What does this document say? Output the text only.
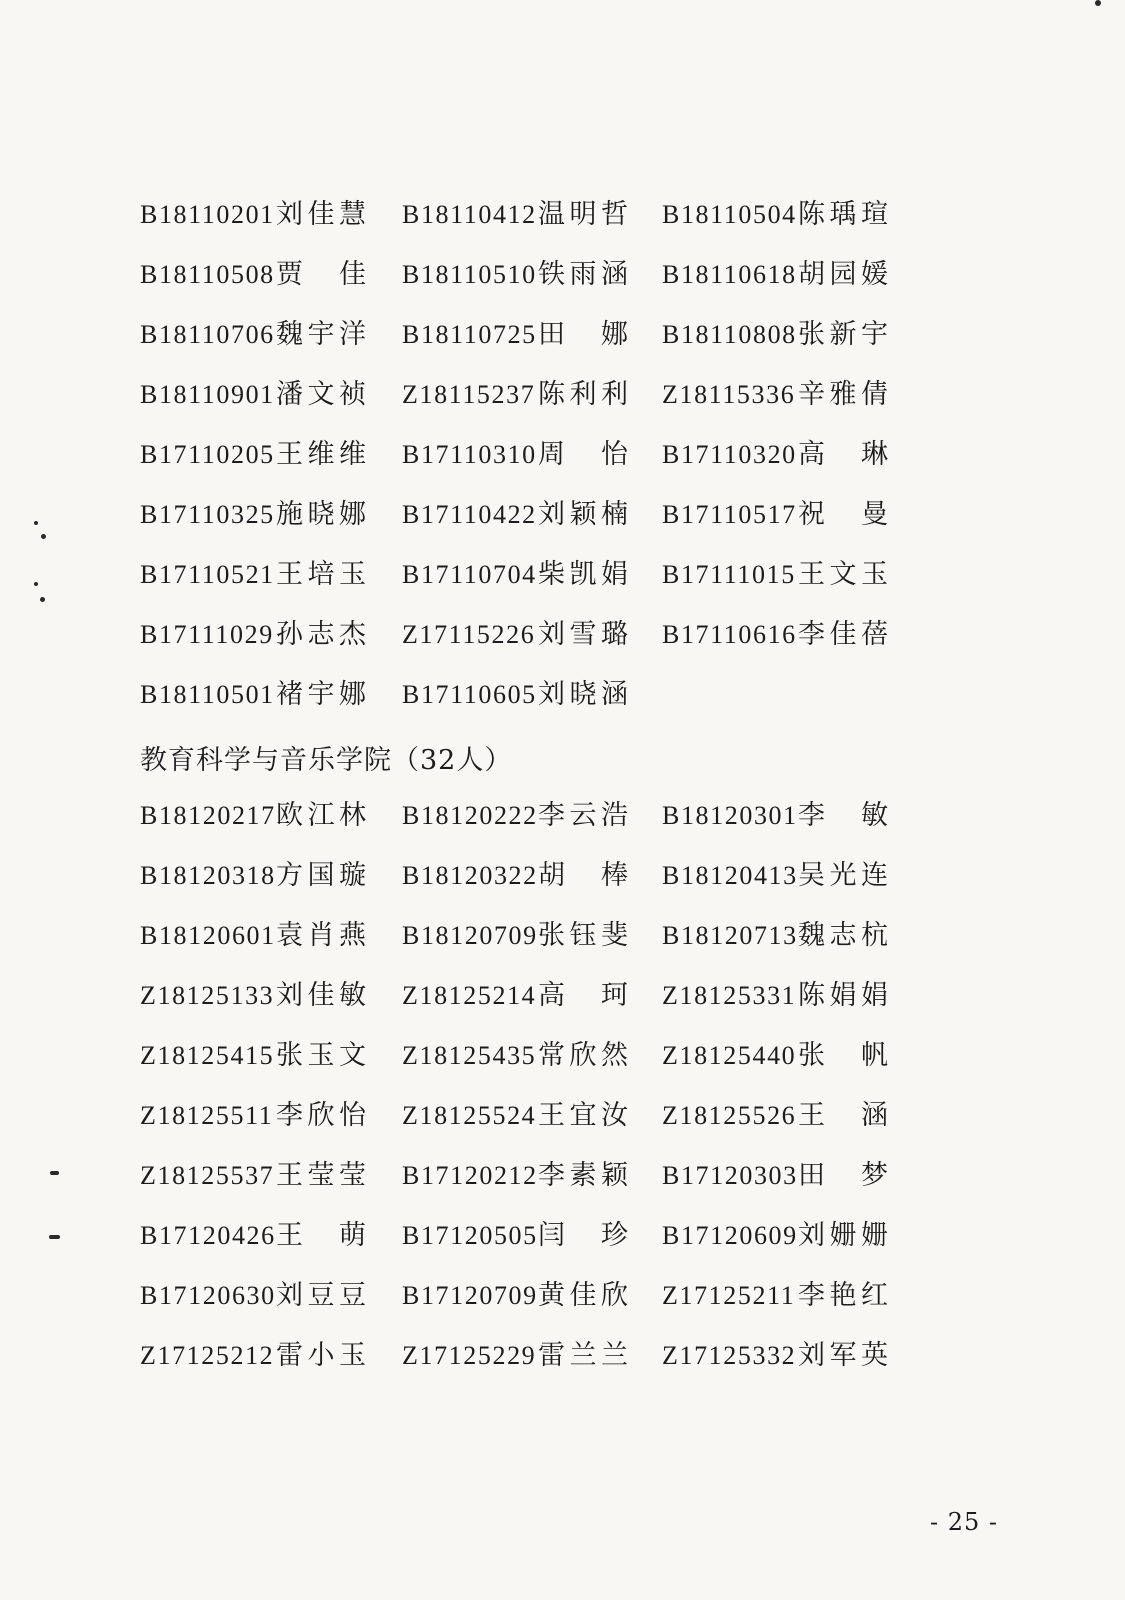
B18110201刘佳慧 B18110412温明哲 B18110504陈瑀瑄
B18110508贾佳 B18110510铁雨涵 B18110618胡园媛
B18110706魏宇洋 B18110725田娜 B18110808张新宇
B18110901潘文祯 Z18115237陈利利 Z18115336辛雅倩
B17110205王维维 B17110310周怡 B17110320高琳
B17110325施晓娜 B17110422刘颖楠 B17110517祝曼
B17110521王培玉 B17110704柴凯娟 B17111015王文玉
B17111029孙志杰 Z17115226刘雪璐 B17110616李佳蓓
B18110501褚宇娜 B17110605刘晓涵
教育科学与音乐学院（32人）
B18120217欧江林 B18120222李云浩 B18120301李敏
B18120318方国璇 B18120322胡棒 B18120413吴光连
B18120601袁肖燕 B18120709张钰斐 B18120713魏志杭
Z18125133刘佳敏 Z18125214高珂 Z18125331陈娟娟
Z18125415张玉文 Z18125435常欣然 Z18125440张帆
Z18125511李欣怡 Z18125524王宜汝 Z18125526王涵
Z18125537王莹莹 B17120212李素颖 B17120303田梦
B17120426王萌 B17120505闫珍 B17120609刘姗姗
B17120630刘豆豆 B17120709黄佳欣 Z17125211李艳红
Z17125212雷小玉 Z17125229雷兰兰 Z17125332刘军英
- 25 -
